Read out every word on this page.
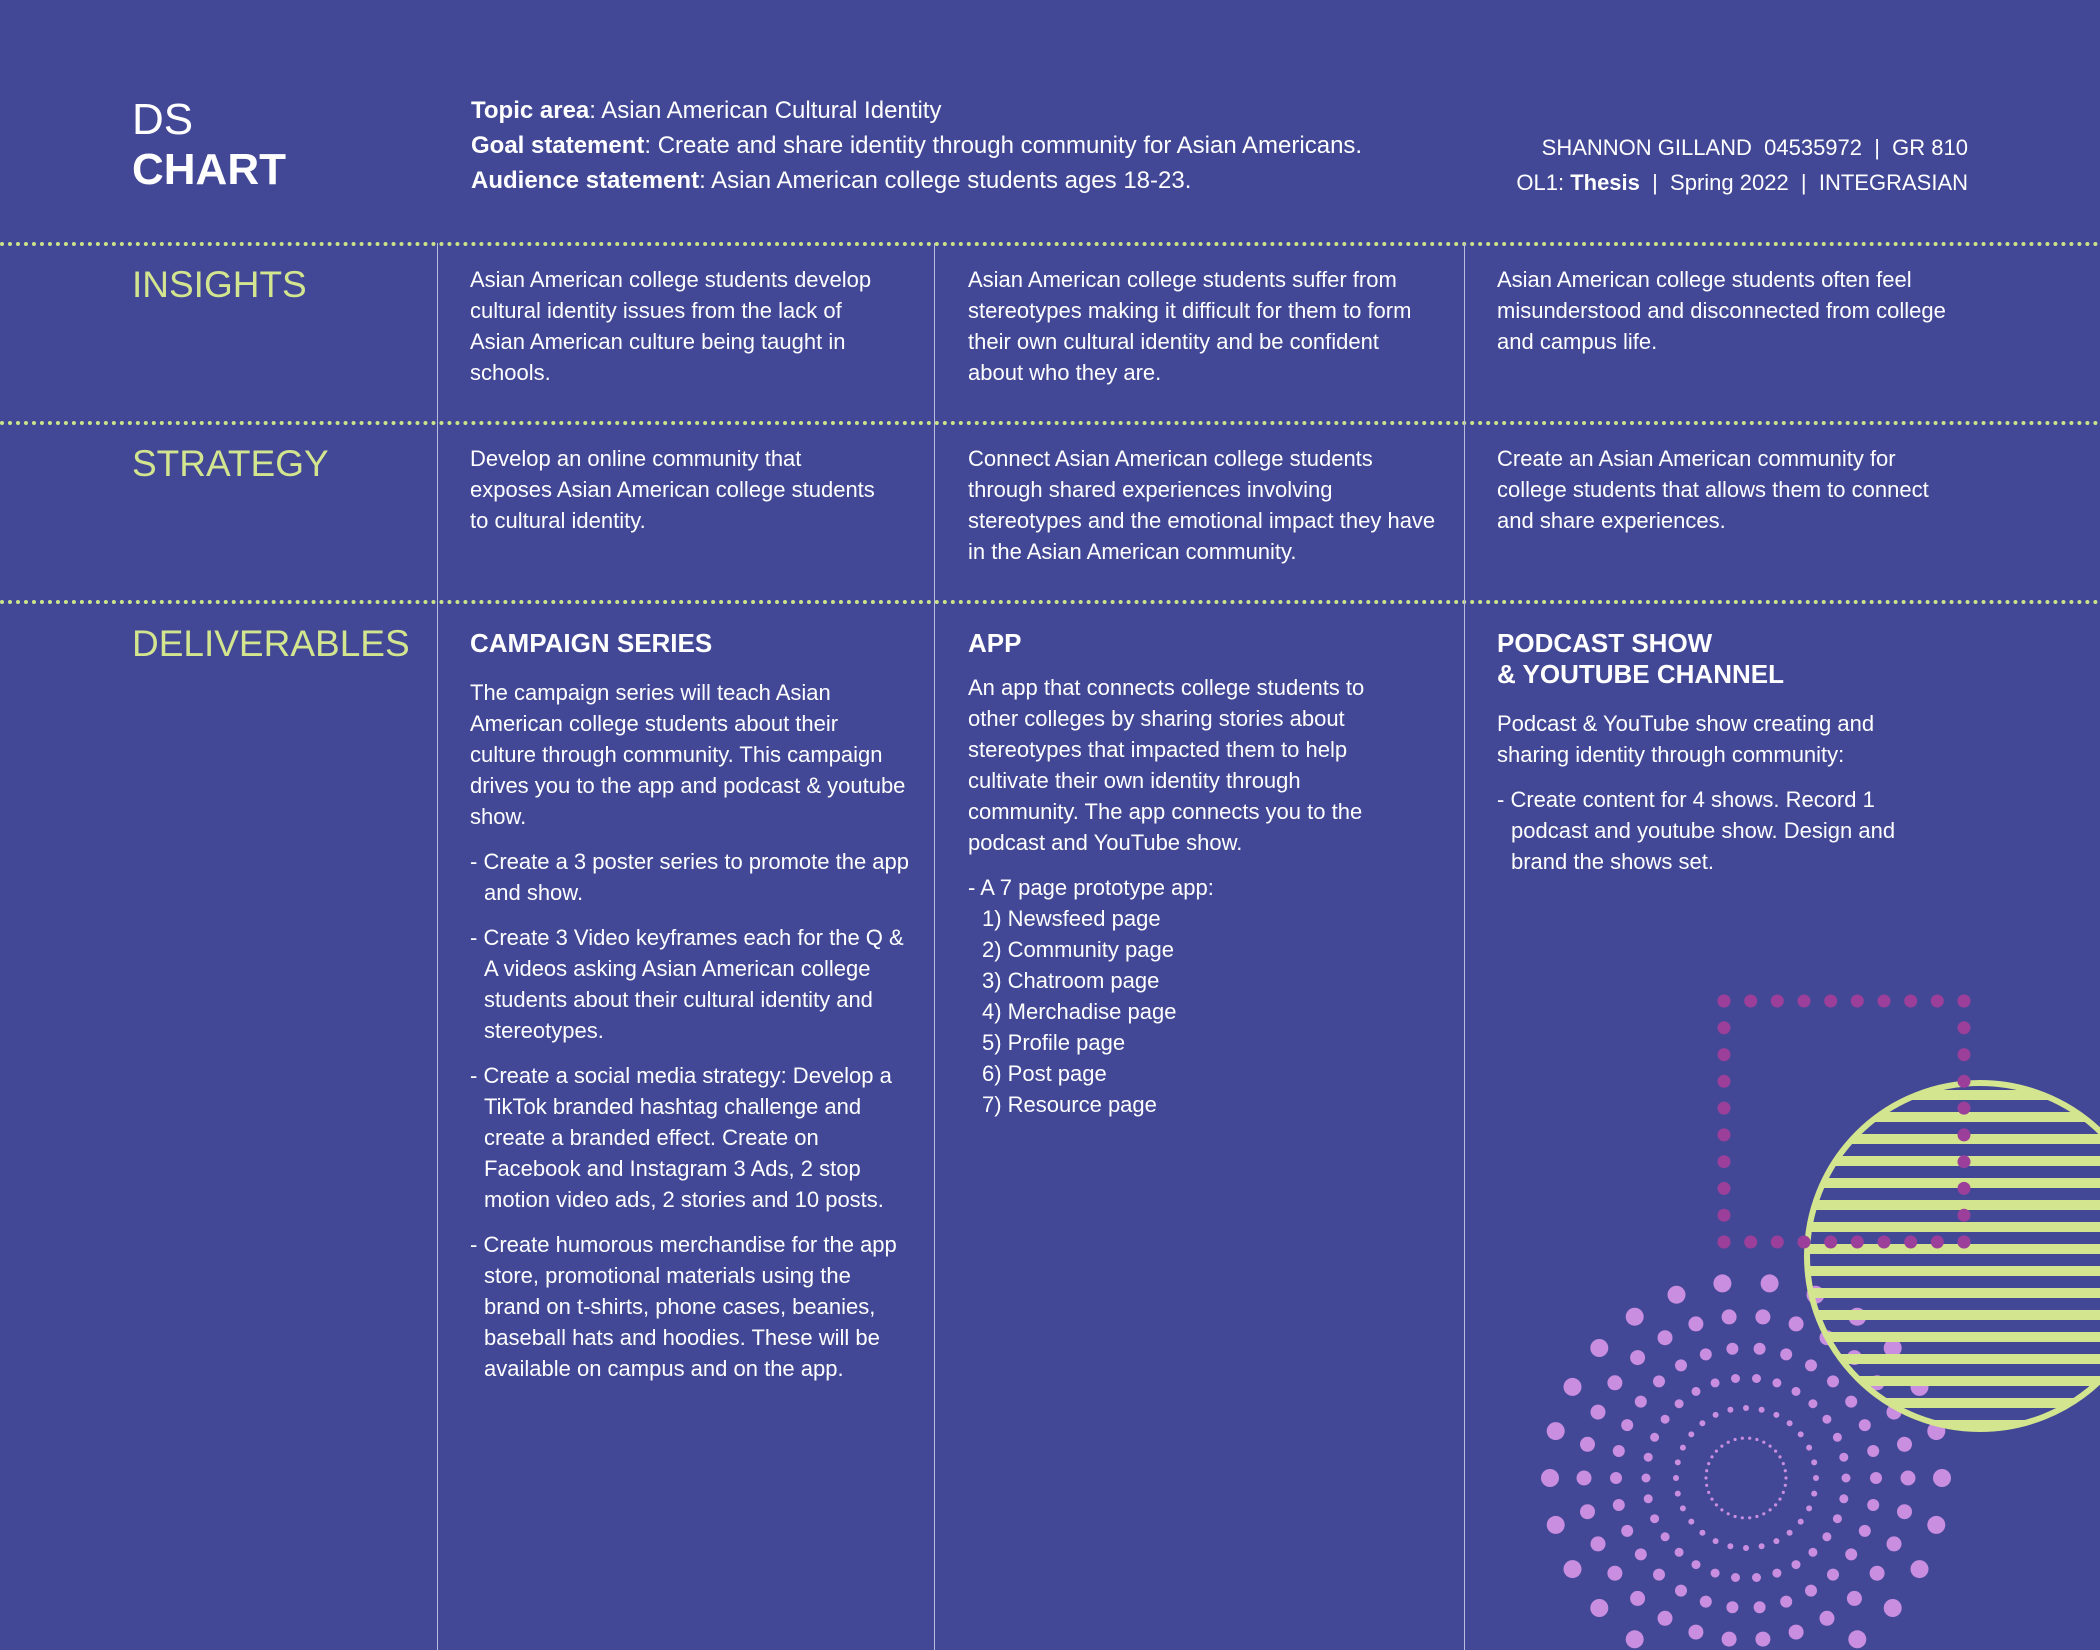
DS
CHART
Topic area: Asian American Cultural Identity
Goal statement: Create and share identity through community for Asian Americans.
Audience statement: Asian American college students ages 18-23.
SHANNON GILLAND  04535972  |  GR 810
OL1: Thesis  |  Spring 2022  |  INTEGRASIAN
INSIGHTS	Asian American college students develop cultural identity issues from the lack of Asian American culture being taught in schools.
Asian American college students suffer from stereotypes making it difficult for them to form their own cultural identity and be confident about who they are.
Asian American college students often feel misunderstood and disconnected from college and campus life.
STRATEGY	Develop an online community that exposes Asian American college students to cultural identity.
Connect Asian American college students through shared experiences involving stereotypes and the emotional impact they have in the Asian American community.
Create an Asian American community for college students that allows them to connect and share experiences.
DELIVERABLES CAMPAIGN SERIES

The campaign series will teach Asian American college students about their culture through community. This campaign drives you to the app and podcast & youtube show.

- Create a 3 poster series to promote the app and show.

- Create 3 Video keyframes each for the Q & A videos asking Asian American college students about their cultural identity and stereotypes.

- Create a social media strategy: Develop a TikTok branded hashtag challenge and create a branded effect. Create on Facebook and Instagram 3 Ads, 2 stop motion video ads, 2 stories and 10 posts.

- Create humorous merchandise for the app store, promotional materials using the brand on t-shirts, phone cases, beanies, baseball hats and hoodies. These will be available on campus and on the app.

APP

An app that connects college students to other colleges by sharing stories about stereotypes that impacted them to help cultivate their own identity through community. The app connects you to the podcast and YouTube show.

- A 7 page prototype app:

1) Newsfeed page
2) Community page
3) Chatroom page
4) Merchadise page
5) Profile page
6) Post page
7) Resource page

PODCAST SHOW
& YOUTUBE CHANNEL

Podcast & YouTube show creating and sharing identity through community:

- Create content for 4 shows. Record 1 podcast and youtube show. Design and brand the shows set.
